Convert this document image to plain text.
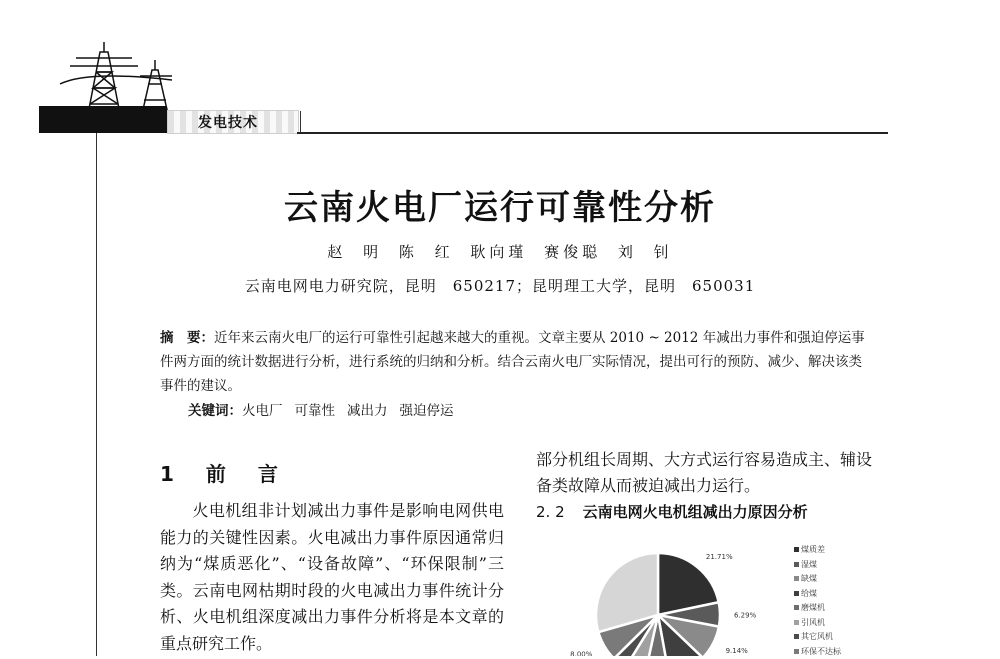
发电技术
云南火电厂运行可靠性分析
赵 明 陈 红 耿向瑾 赛俊聪 刘 钊
云南电网电力研究院，昆明　650217；昆明理工大学，昆明　650031
摘　要：近年来云南火电厂的运行可靠性引起越来越大的重视。文章主要从 2010 ~ 2012 年减出力事件和强迫停运事件两方面的统计数据进行分析，进行系统的归纳和分析。结合云南火电厂实际情况，提出可行的预防、减少、解决该类事件的建议。
关键词：火电厂 可靠性 减出力 强迫停运
1　前　言
火电机组非计划减出力事件是影响电网供电能力的关键性因素。火电减出力事件原因通常归纳为“煤质恶化”、“设备故障”、“环保限制”三类。云南电网枯期时段的火电减出力事件统计分析、火电机组深度减出力事件分析将是本文章的重点研究工作。
部分机组长周期、大方式运行容易造成主、辅设备类故障从而被迫减出力运行。
2. 2 云南电网火电机组减出力原因分析
21.71%
6.29%
9.14%
8.00%
煤质差
湿煤
缺煤
给煤
磨煤机
引风机
其它风机
环保不达标
